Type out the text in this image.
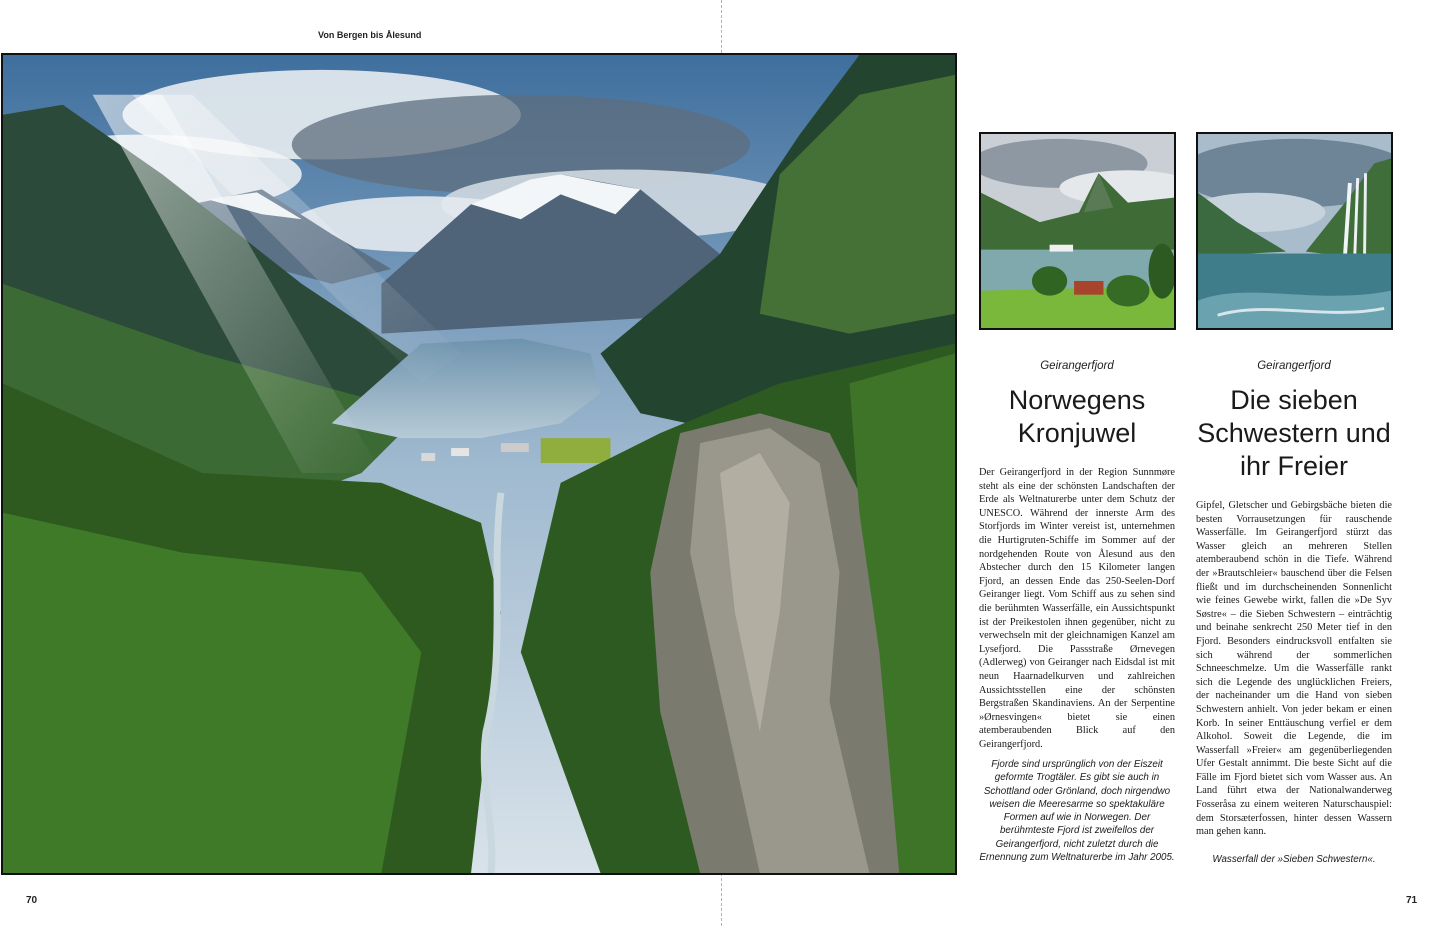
Von Bergen bis Ålesund
70	71
Geirangerfjord
Norwegens Kronjuwel
Der Geirangerfjord in der Region Sunnmøre steht als eine der schönsten Landschaften der Erde als Weltnaturerbe unter dem Schutz der UNESCO. Während der innerste Arm des Storfjords im Winter vereist ist, unternehmen die Hurtigruten-Schiffe im Sommer auf der nordgehenden Route von Ålesund aus den Abstecher durch den 15 Kilometer langen Fjord, an dessen Ende das 250-Seelen-Dorf Geiranger liegt. Vom Schiff aus zu sehen sind die berühmten Wasserfälle, ein Aussichtspunkt ist der Preikestolen ihnen gegenüber, nicht zu verwechseln mit der gleichnamigen Kanzel am Lysefjord. Die Passstraße Ørnevegen (Adlerweg) von Geiranger nach Eidsdal ist mit neun Haarnadelkurven und zahlreichen Aussichtsstellen eine der schönsten Bergstraßen Skandinaviens. An der Serpentine »Ørnesvingen« bietet sie einen atemberaubenden Blick auf den Geirangerfjord.
Fjorde sind ursprünglich von der Eiszeit geformte Trogtäler. Es gibt sie auch in Schottland oder Grönland, doch nirgendwo weisen die Meeresarme so spektakuläre Formen auf wie in Norwegen. Der berühmteste Fjord ist zweifellos der Geirangerfjord, nicht zuletzt durch die Ernennung zum Weltnaturerbe im Jahr 2005.
Geirangerfjord
Die sieben Schwestern und ihr Freier
Gipfel, Gletscher und Gebirgsbäche bieten die besten Vorrausetzungen für rauschende Wasserfälle. Im Geirangerfjord stürzt das Wasser gleich an mehreren Stellen atemberaubend schön in die Tiefe. Während der »Brautschleier« bauschend über die Felsen fließt und im durchscheinenden Sonnenlicht wie feines Gewebe wirkt, fallen die »De Syv Søstre« – die Sieben Schwestern – einträchtig und beinahe senkrecht 250 Meter tief in den Fjord. Besonders eindrucksvoll entfalten sie sich während der sommerlichen Schneeschmelze. Um die Wasserfälle rankt sich die Legende des unglücklichen Freiers, der nacheinander um die Hand von sieben Schwestern anhielt. Von jeder bekam er einen Korb. In seiner Enttäuschung verfiel er dem Alkohol. Soweit die Legende, die im Wasserfall »Freier« am gegenüberliegenden Ufer Gestalt annimmt. Die beste Sicht auf die Fälle im Fjord bietet sich vom Wasser aus. An Land führt etwa der Nationalwanderweg Fosseråsa zu einem weiteren Naturschauspiel: dem Storsæterfossen, hinter dessen Wassern man gehen kann.
Wasserfall der »Sieben Schwestern«.
